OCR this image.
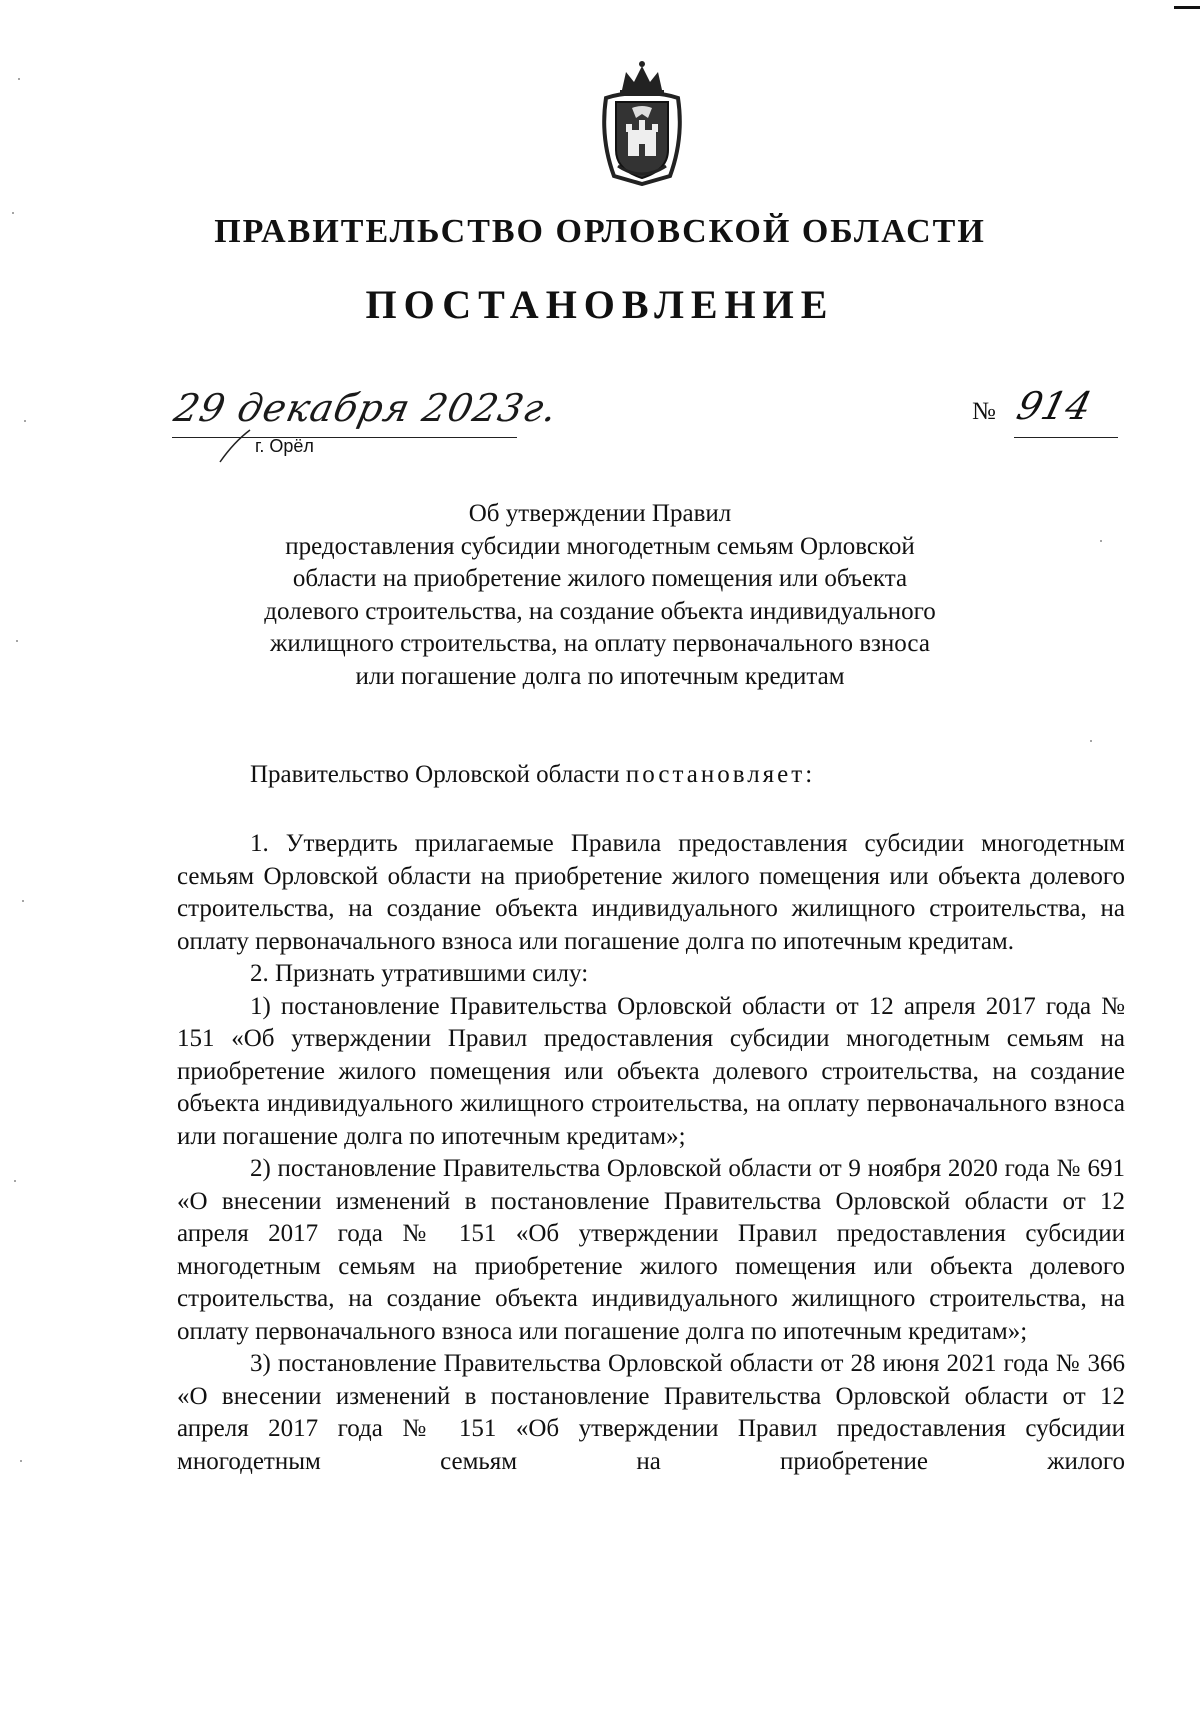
ПРАВИТЕЛЬСТВО ОРЛОВСКОЙ ОБЛАСТИ
ПОСТАНОВЛЕНИЕ
29 декабря 2023г.
г. Орёл
№ 914
Об утверждении Правил
предоставления субсидии многодетным семьям Орловской
области на приобретение жилого помещения или объекта
долевого строительства, на создание объекта индивидуального
жилищного строительства, на оплату первоначального взноса
или погашение долга по ипотечным кредитам
Правительство Орловской области постановляет:

1. Утвердить прилагаемые Правила предоставления субсидии многодетным семьям Орловской области на приобретение жилого помещения или объекта долевого строительства, на создание объекта индивидуального жилищного строительства, на оплату первоначального взноса или погашение долга по ипотечным кредитам.

2. Признать утратившими силу:

1) постановление Правительства Орловской области от 12 апреля 2017 года № 151 «Об утверждении Правил предоставления субсидии многодетным семьям на приобретение жилого помещения или объекта долевого строительства, на создание объекта индивидуального жилищного строительства, на оплату первоначального взноса или погашение долга по ипотечным кредитам»;

2) постановление Правительства Орловской области от 9 ноября 2020 года № 691 «О внесении изменений в постановление Правительства Орловской области от 12 апреля 2017 года № 151 «Об утверждении Правил предоставления субсидии многодетным семьям на приобретение жилого помещения или объекта долевого строительства, на создание объекта индивидуального жилищного строительства, на оплату первоначального взноса или погашение долга по ипотечным кредитам»;

3) постановление Правительства Орловской области от 28 июня 2021 года № 366 «О внесении изменений в постановление Правительства Орловской области от 12 апреля 2017 года № 151 «Об утверждении Правил предоставления субсидии многодетным семьям на приобретение жилого
